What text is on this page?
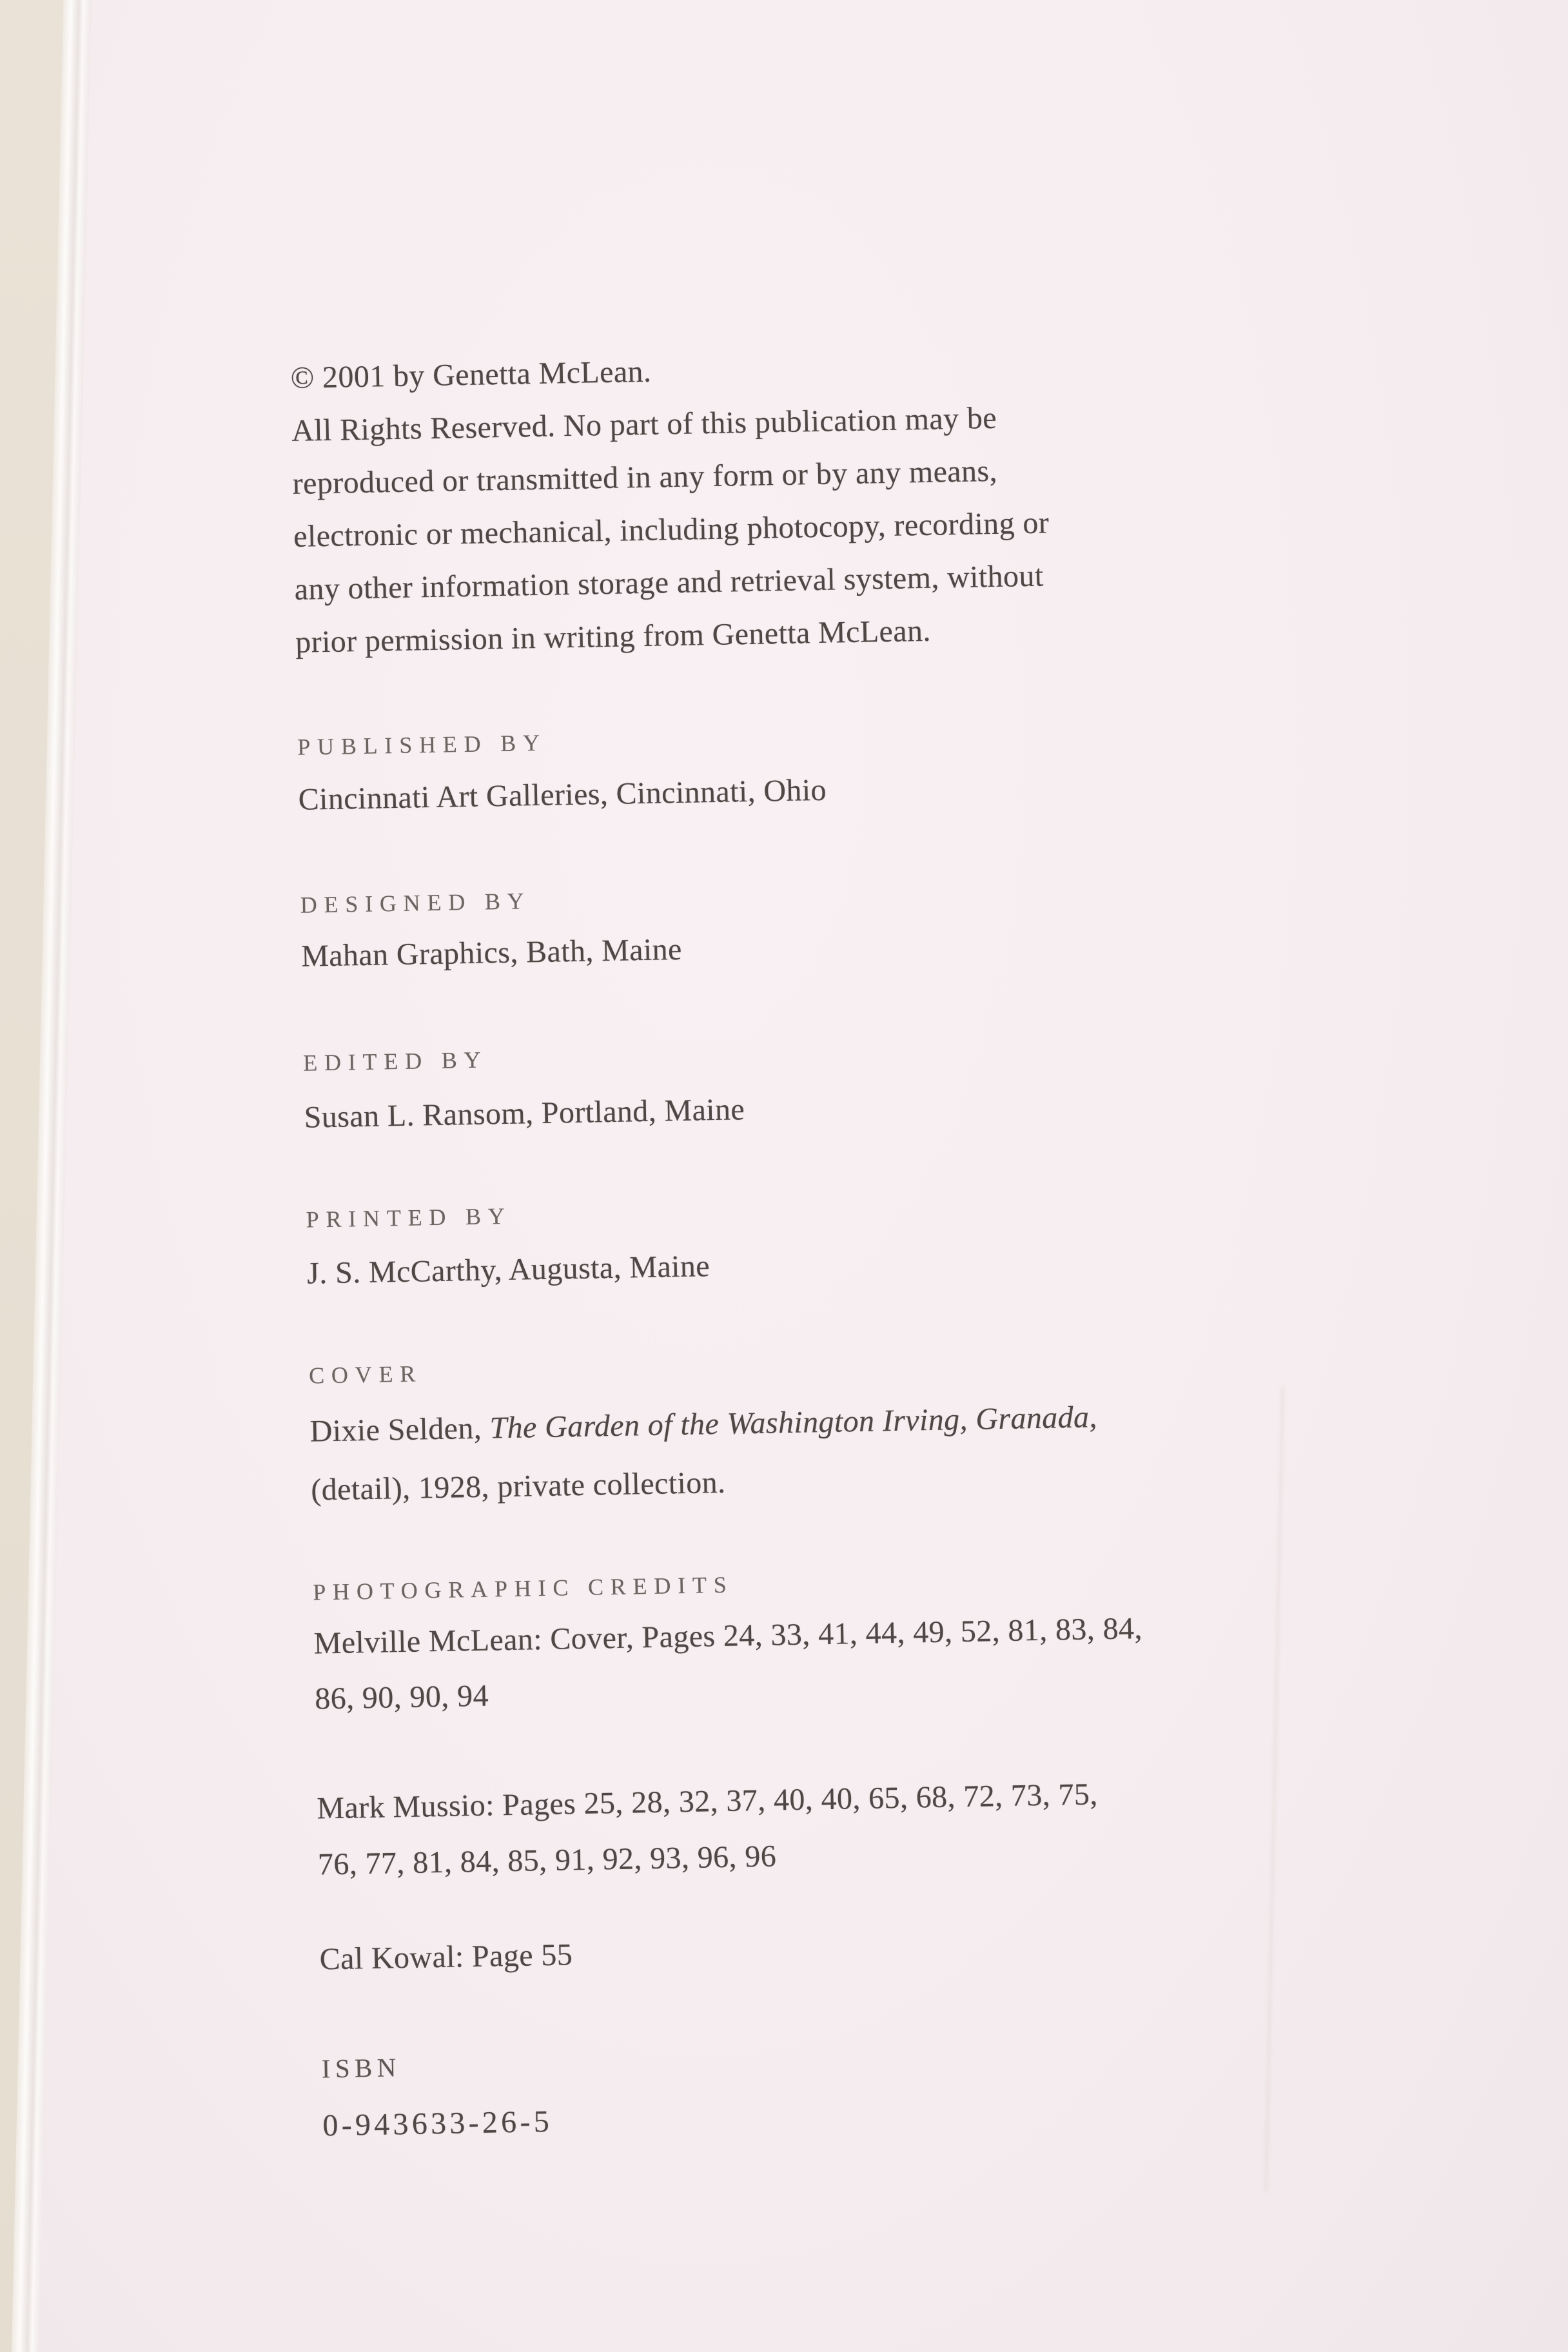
© 2001 by Genetta McLean.
All Rights Reserved. No part of this publication may be
reproduced or transmitted in any form or by any means,
electronic or mechanical, including photocopy, recording or
any other information storage and retrieval system, without
prior permission in writing from Genetta McLean.
PUBLISHED BY
Cincinnati Art Galleries, Cincinnati, Ohio
DESIGNED BY
Mahan Graphics, Bath, Maine
EDITED BY
Susan L. Ransom, Portland, Maine
PRINTED BY
J. S. McCarthy, Augusta, Maine
COVER
Dixie Selden, The Garden of the Washington Irving, Granada,
(detail), 1928, private collection.
PHOTOGRAPHIC CREDITS
Melville McLean: Cover, Pages 24, 33, 41, 44, 49, 52, 81, 83, 84,
86, 90, 90, 94
Mark Mussio: Pages 25, 28, 32, 37, 40, 40, 65, 68, 72, 73, 75,
76, 77, 81, 84, 85, 91, 92, 93, 96, 96
Cal Kowal: Page 55
ISBN
0-943633-26-5
